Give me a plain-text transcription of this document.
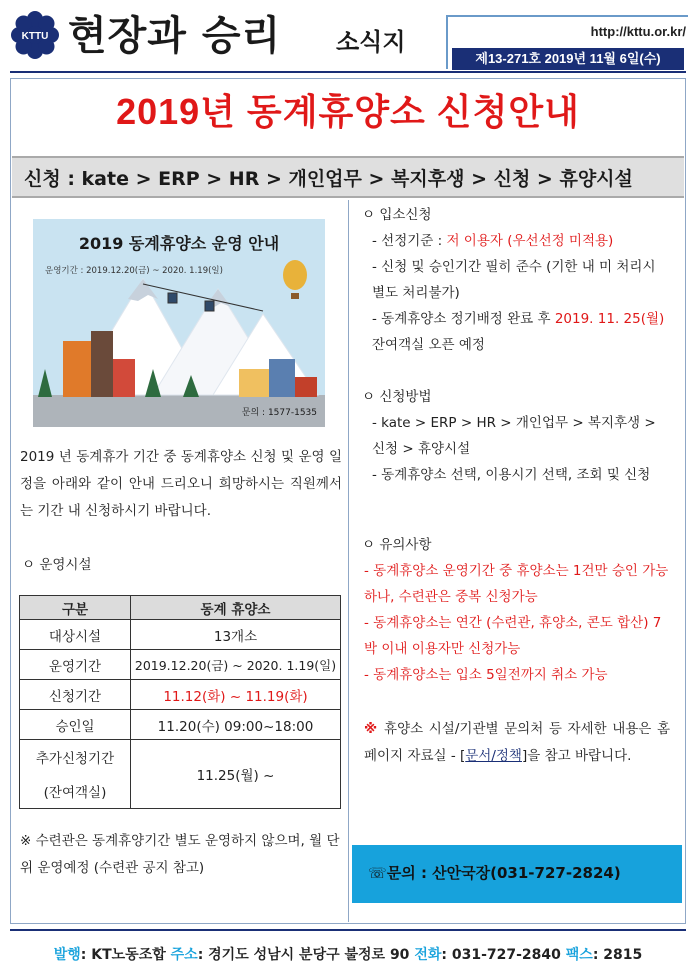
KTTU 현장과 승리 소식지	http://kttu.or.kr/
제13-271호 2019년 11월 6일(수)
2019년 동계휴양소 신청안내
신청 : kate > ERP > HR > 개인업무 > 복지후생 > 신청 > 휴양시설
2019 동계휴양소 운영 안내
운영기간 : 2019.12.20(금) ~ 2020. 1.19(일)
문의 : 1577-1535
2019 년 동계휴가 기간 중 동계휴양소 신청 및 운영 일정을 아래와 같이 안내 드리오니 희망하시는 직원께서는 기간 내 신청하시기 바랍니다.
ㅇ 운영시설
구분	동계 휴양소
대상시설	13개소
운영기간	2019.12.20(금) ~ 2020. 1.19(일)
신청기간	11.12(화) ~ 11.19(화)
승인일	11.20(수) 09:00~18:00

추가신청기간
(잔여객실)	11.25(월) ~
※ 수련관은 동계휴양기간 별도 운영하지 않으며, 월 단위 운영예정 (수련관 공지 참고)
ㅇ 입소신청
- 선정기준 : 저 이용자 (우선선정 미적용)
- 신청 및 승인기간 필히 준수 (기한 내 미 처리시 별도 처리불가)
- 동계휴양소 정기배정 완료 후 2019. 11. 25(월) 잔여객실 오픈 예정
ㅇ 신청방법
- kate > ERP > HR > 개인업무 > 복지후생 > 신청 > 휴양시설
- 동계휴양소 선택, 이용시기 선택, 조회 및 신청
ㅇ 유의사항
- 동계휴양소 운영기간 중 휴양소는 1건만 승인 가능하나, 수련관은 중복 신청가능
- 동계휴양소는 연간 (수련관, 휴양소, 콘도 합산) 7박 이내 이용자만 신청가능
- 동계휴양소는 입소 5일전까지 취소 가능
※ 휴양소 시설/기관별 문의처 등 자세한 내용은 홈페이지 자료실 - [문서/정책]을 참고 바랍니다.
☏문의 : 산안국장(031-727-2824)
발행: KT노동조합 주소: 경기도 성남시 분당구 불정로 90 전화: 031-727-2840 팩스: 2815
